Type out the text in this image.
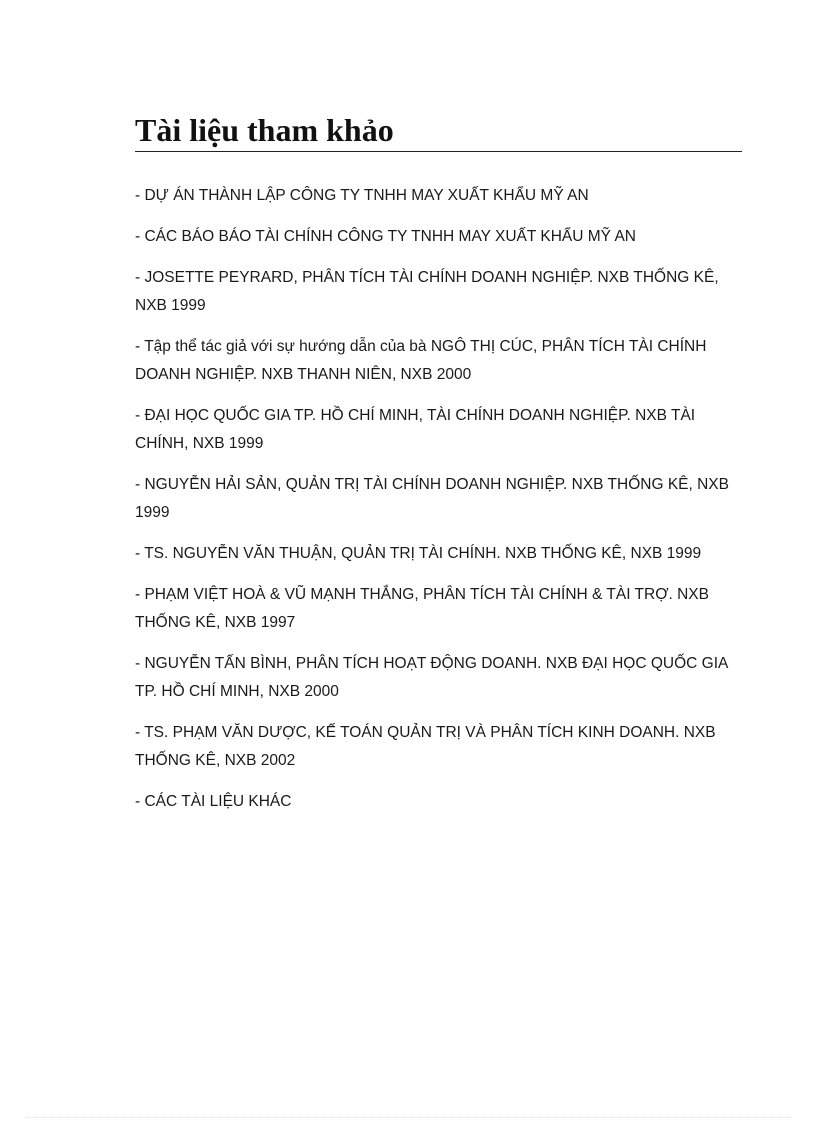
Tài liệu tham khảo
- DỰ ÁN THÀNH LẬP CÔNG TY TNHH MAY XUẤT KHẨU MỸ AN
- CÁC BÁO BÁO TÀI CHÍNH CÔNG TY TNHH MAY XUẤT KHẨU MỸ AN
- JOSETTE PEYRARD, PHÂN TÍCH TÀI CHÍNH DOANH NGHIỆP. NXB THỐNG KÊ, NXB 1999
- Tập thể tác giả với sự hướng dẫn của bà NGÔ THỊ CÚC, PHÂN TÍCH TÀI CHÍNH DOANH NGHIỆP. NXB THANH NIÊN, NXB 2000
- ĐẠI HỌC QUỐC GIA TP. HỒ CHÍ MINH, TÀI CHÍNH DOANH NGHIỆP. NXB TÀI CHÍNH, NXB 1999
- NGUYỄN HẢI SẢN, QUẢN TRỊ TÀI CHÍNH DOANH NGHIỆP. NXB THỐNG KÊ, NXB 1999
- TS. NGUYỄN VĂN THUẬN, QUẢN TRỊ TÀI CHÍNH. NXB THỐNG KÊ, NXB 1999
- PHẠM VIỆT HOÀ & VŨ MẠNH THẮNG, PHÂN TÍCH TÀI CHÍNH & TÀI TRỢ. NXB THỐNG KÊ, NXB 1997
- NGUYỄN TẤN BÌNH, PHÂN TÍCH HOẠT ĐỘNG DOANH. NXB ĐẠI HỌC QUỐC GIA TP. HỒ CHÍ MINH, NXB 2000
- TS. PHẠM VĂN DƯỢC, KẾ TOÁN QUẢN TRỊ VÀ PHÂN TÍCH KINH DOANH. NXB THỐNG KÊ, NXB 2002
- CÁC TÀI LIỆU KHÁC
